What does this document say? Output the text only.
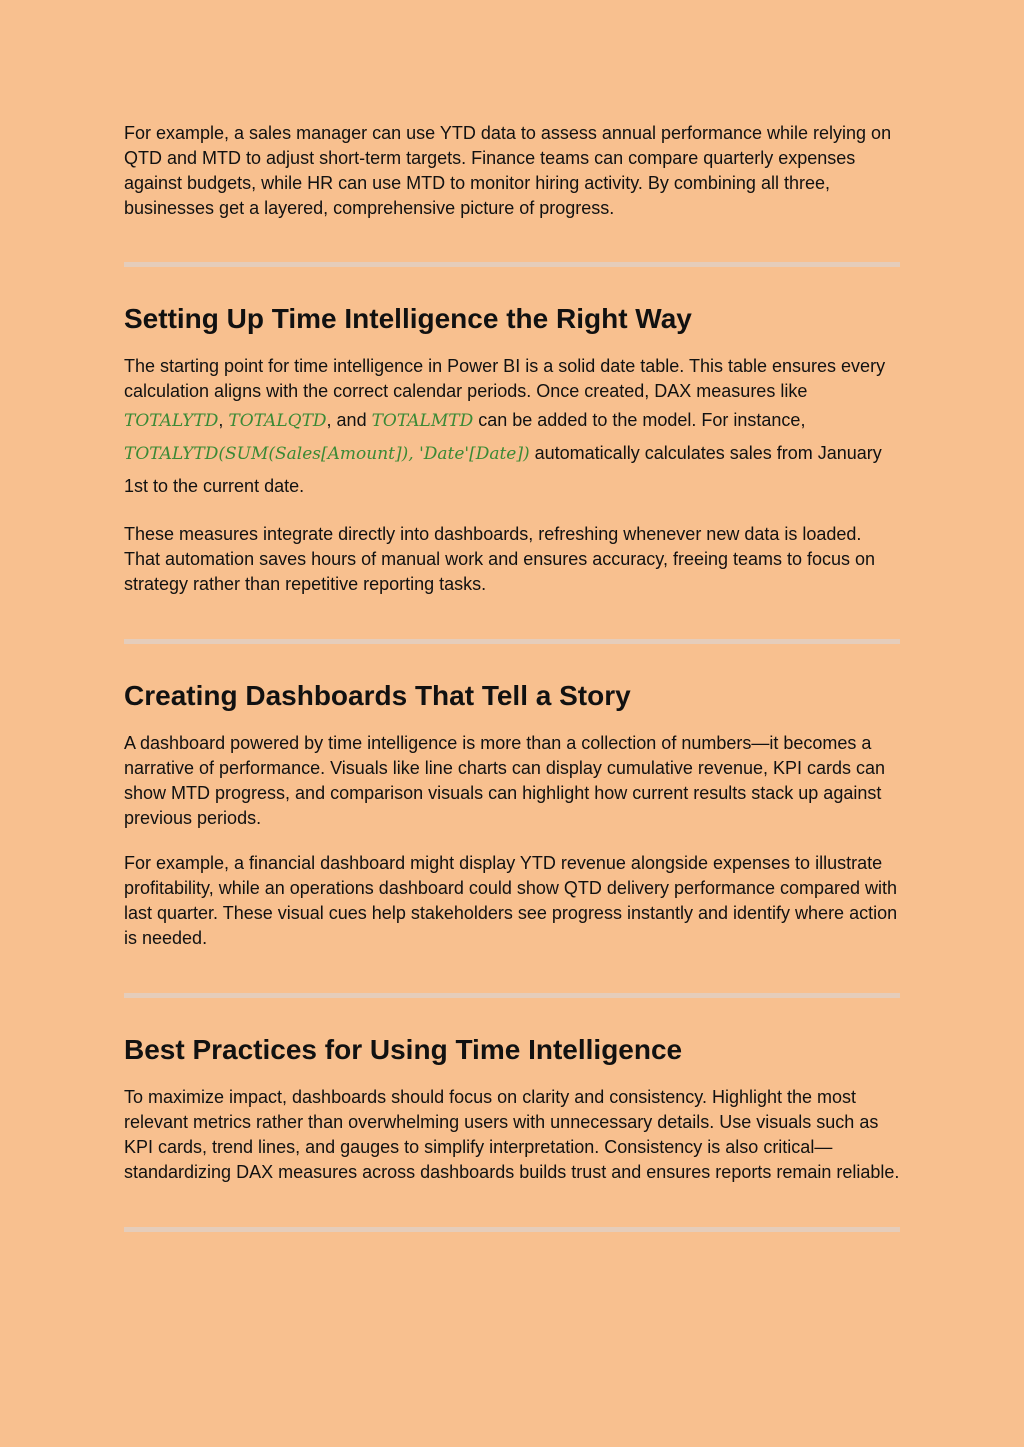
For example, a sales manager can use YTD data to assess annual performance while relying on QTD and MTD to adjust short-term targets. Finance teams can compare quarterly expenses against budgets, while HR can use MTD to monitor hiring activity. By combining all three, businesses get a layered, comprehensive picture of progress.

Setting Up Time Intelligence the Right Way

The starting point for time intelligence in Power BI is a solid date table. This table ensures every calculation aligns with the correct calendar periods. Once created, DAX measures like
TOTALYTD, TOTALQTD, and TOTALMTD can be added to the model. For instance,
TOTALYTD(SUM(Sales[Amount]), 'Date'[Date]) automatically calculates sales from January 1st to the current date.

These measures integrate directly into dashboards, refreshing whenever new data is loaded. That automation saves hours of manual work and ensures accuracy, freeing teams to focus on strategy rather than repetitive reporting tasks.

Creating Dashboards That Tell a Story

A dashboard powered by time intelligence is more than a collection of numbers—it becomes a narrative of performance. Visuals like line charts can display cumulative revenue, KPI cards can show MTD progress, and comparison visuals can highlight how current results stack up against previous periods.

For example, a financial dashboard might display YTD revenue alongside expenses to illustrate profitability, while an operations dashboard could show QTD delivery performance compared with last quarter. These visual cues help stakeholders see progress instantly and identify where action is needed.

Best Practices for Using Time Intelligence

To maximize impact, dashboards should focus on clarity and consistency. Highlight the most relevant metrics rather than overwhelming users with unnecessary details. Use visuals such as KPI cards, trend lines, and gauges to simplify interpretation. Consistency is also critical—standardizing DAX measures across dashboards builds trust and ensures reports remain reliable.
